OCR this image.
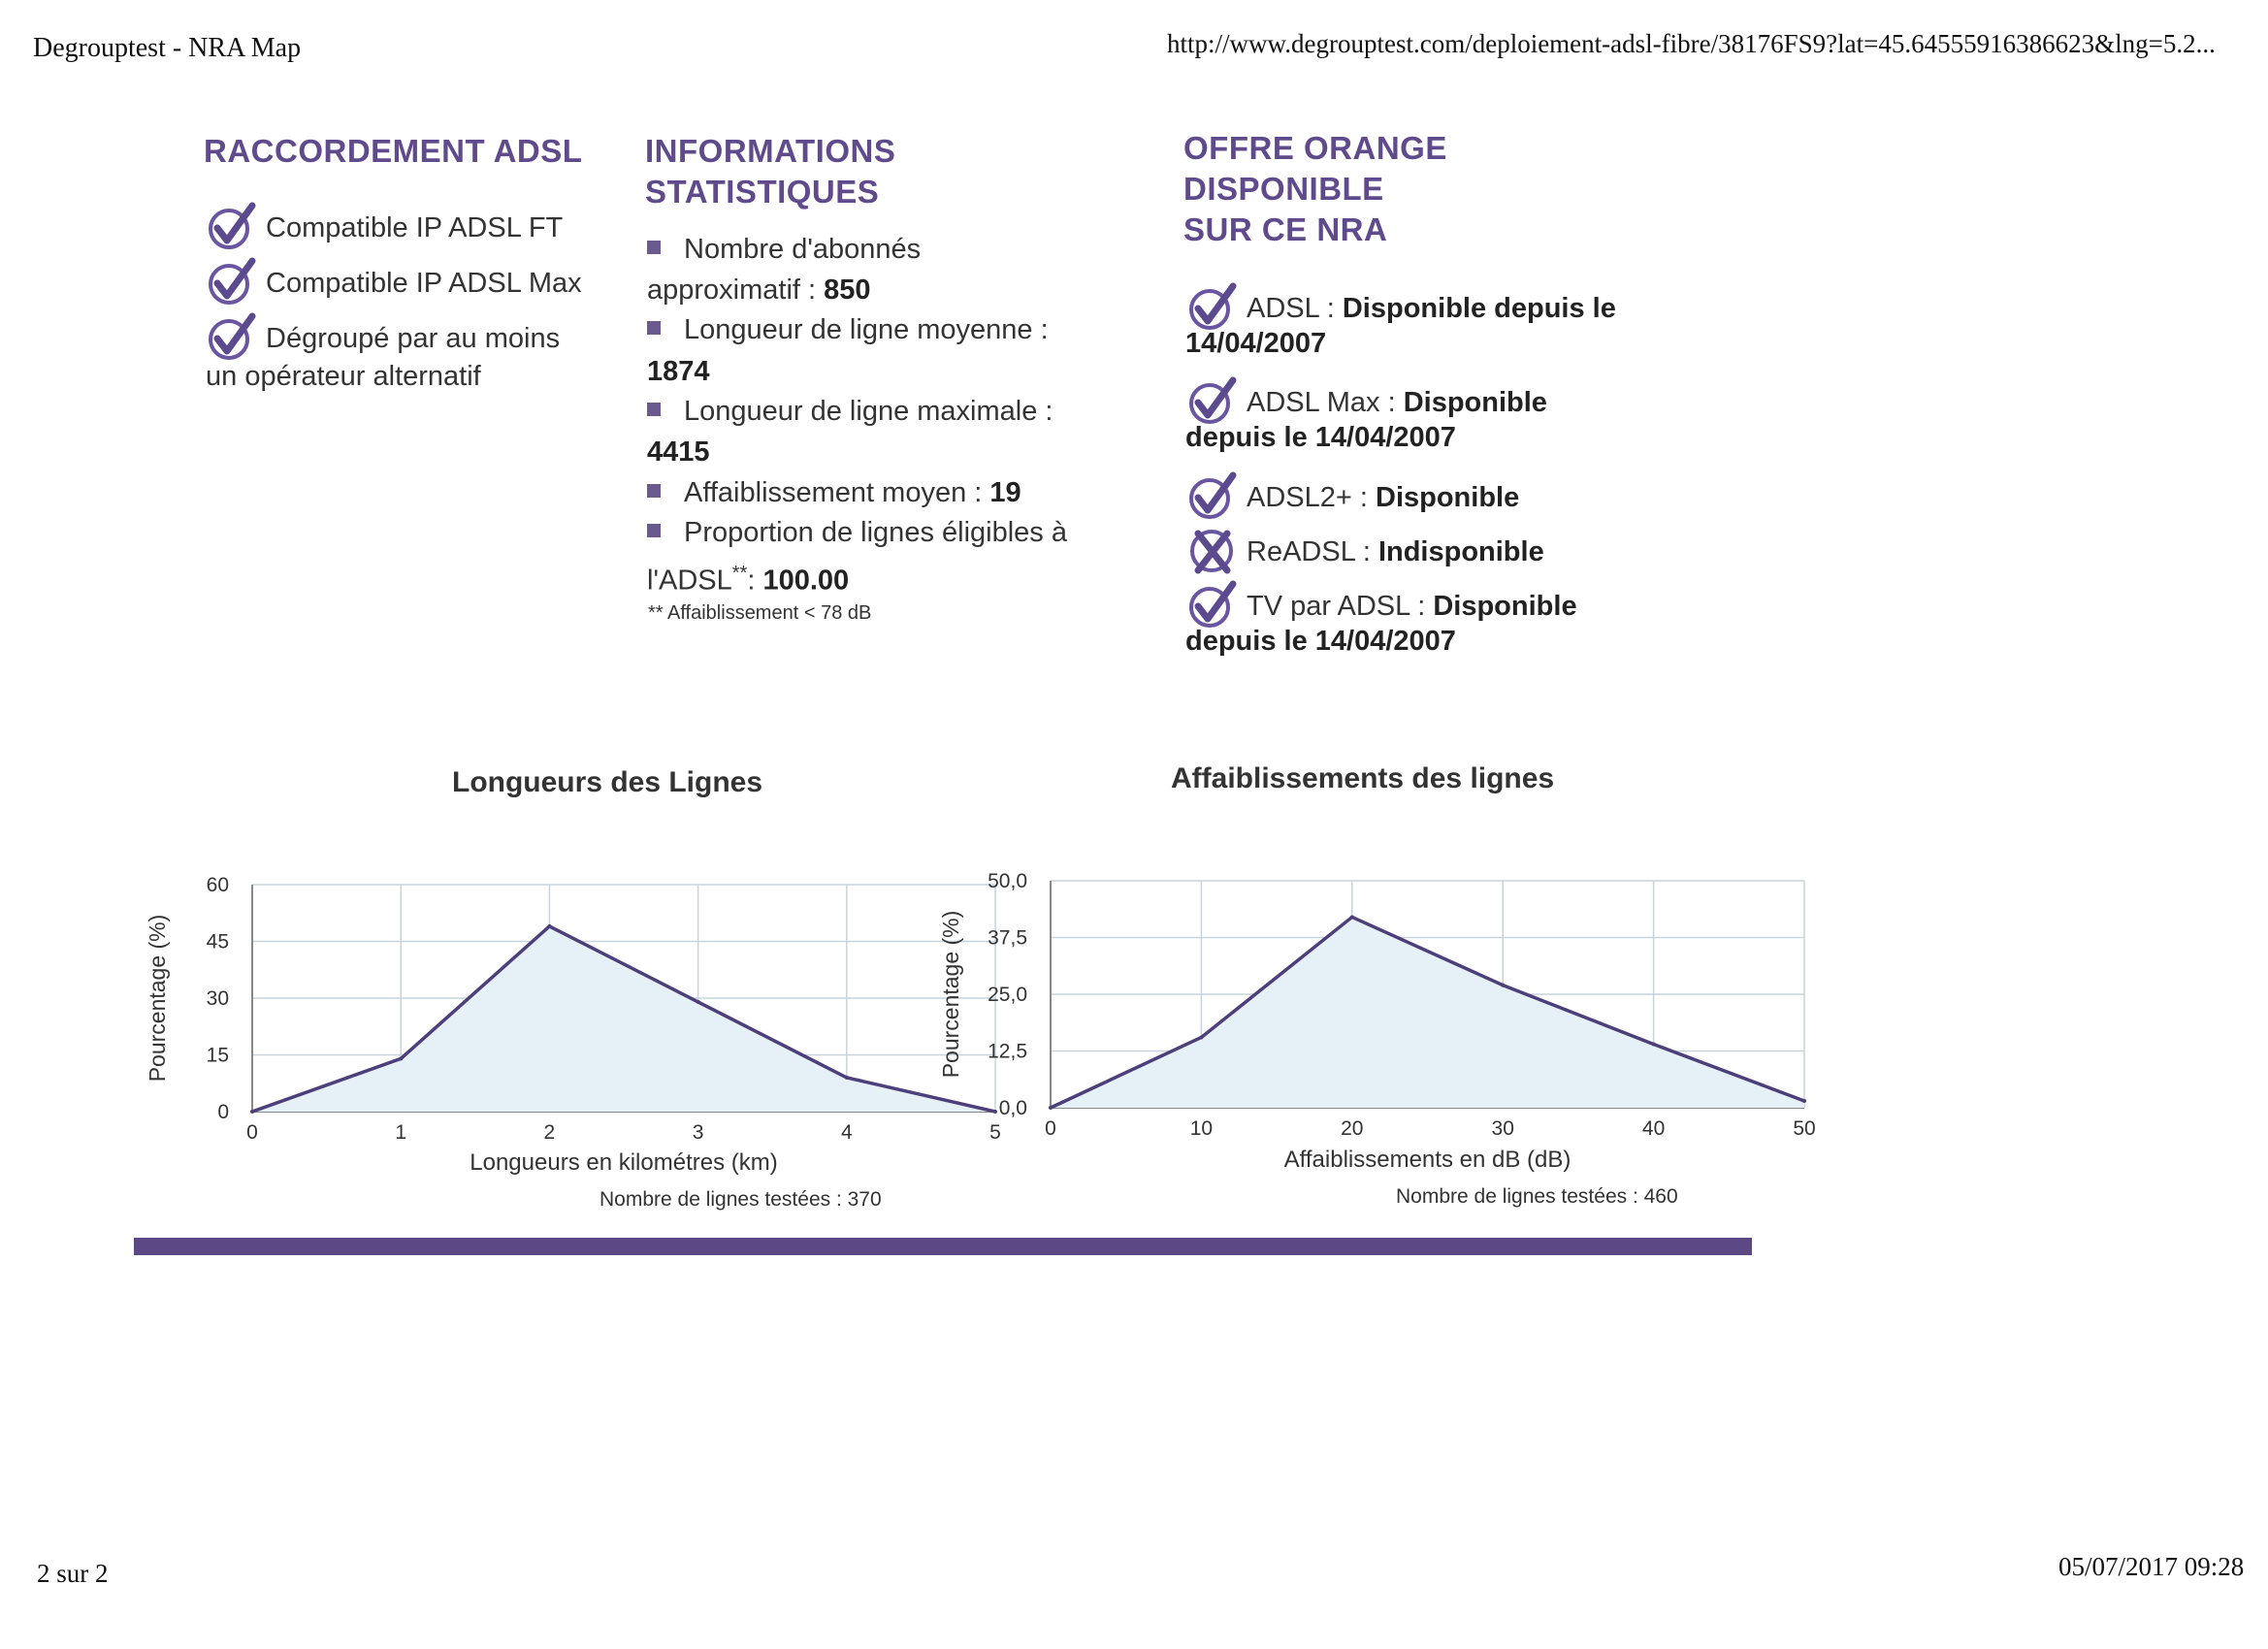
Degrouptest - NRA Map	http://www.degrouptest.com/deploiement-adsl-fibre/38176FS9?lat=45.64555916386623&lng=5.2...
2 sur 2	05/07/2017 09:28
RACCORDEMENT ADSL
Compatible IP ADSL FT
Compatible IP ADSL Max
Dégroupé par au moins
un opérateur alternatif
INFORMATIONS
STATISTIQUES
Nombre d'abonnés
approximatif : 850
Longueur de ligne moyenne :
1874
Longueur de ligne maximale :
4415
Affaiblissement moyen : 19
Proportion de lignes éligibles à
l'ADSL**: 100.00
** Affaiblissement < 78 dB
OFFRE ORANGE
DISPONIBLE
SUR CE NRA
ADSL : Disponible depuis le
14/04/2007
ADSL Max : Disponible
depuis le 14/04/2007
ADSL2+ : Disponible
ReADSL : Indisponible
TV par ADSL : Disponible
depuis le 14/04/2007
Longueurs des Lignes	Affaiblissements des lignes
Nombre de lignes testées : 370	Nombre de lignes testées : 460
0	1	2	3	4	5
0
15
30
45
60
Longueurs en kilométres (km)
Pourcentage (%)
0	10	20	30	40	50
0,0
12,5
25,0
37,5
50,0
Affaiblissements en dB (dB)
Pourcentage (%)
